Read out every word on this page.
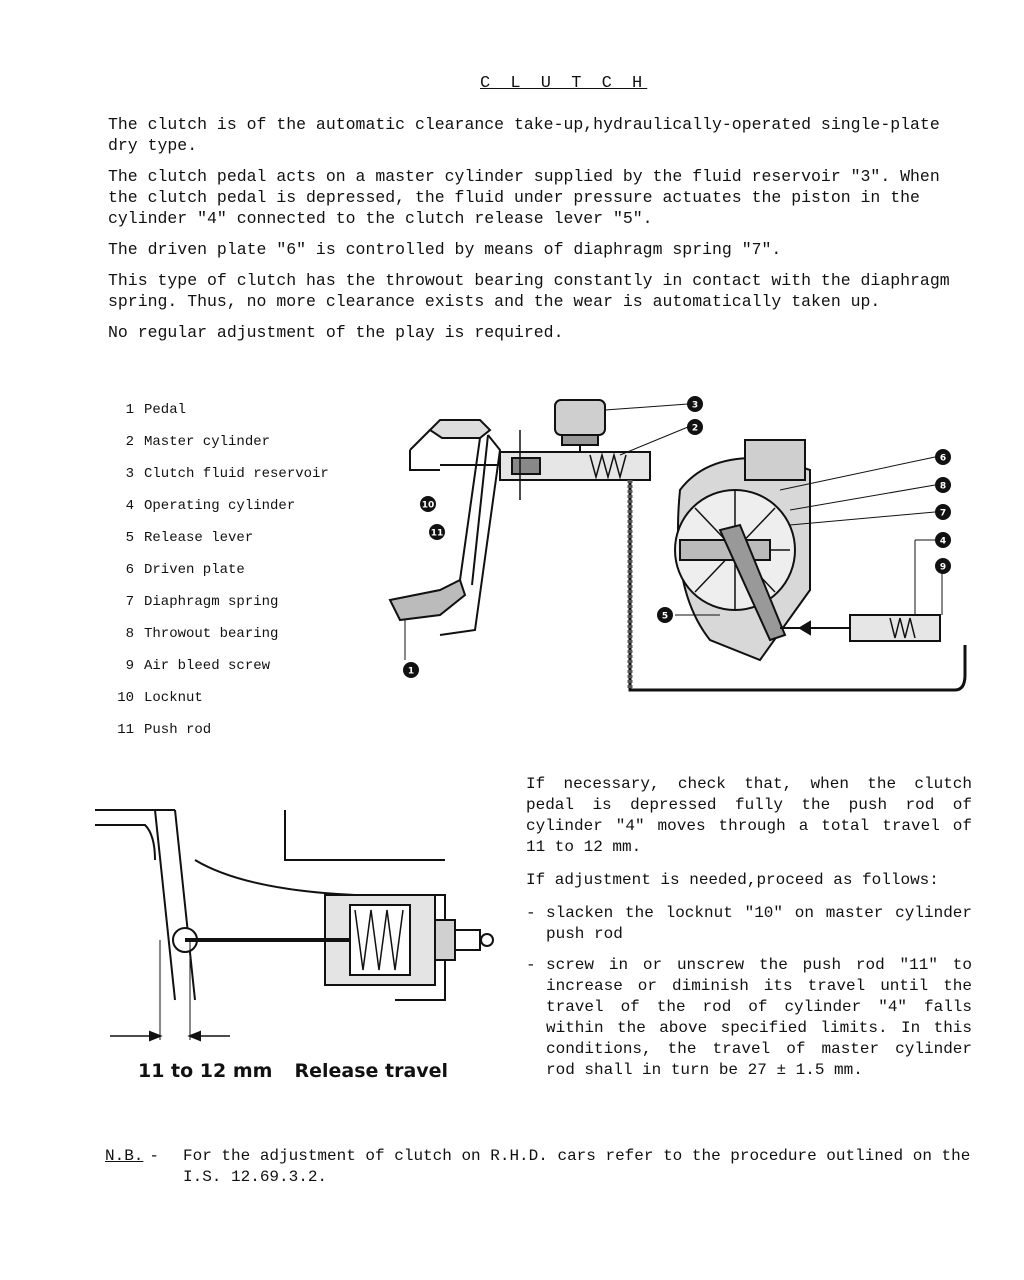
C L U T C H

The clutch is of the automatic clearance take-up,hydraulically-operated single-plate dry type.

The clutch pedal acts on a master cylinder supplied by the fluid reservoir "3". When the clutch pedal is depressed, the fluid under pressure actuates the piston in the cylinder "4" connected to the clutch release lever "5".

The driven plate "6" is controlled by means of diaphragm spring "7".

This type of clutch has the throwout bearing constantly in contact with the diaphragm spring. Thus, no more clearance exists and the wear is automatically taken up.

No regular adjustment of the play is required.

1 Pedal
2 Master cylinder
3 Clutch fluid reservoir
4 Operating cylinder
5 Release lever
6 Driven plate
7 Diaphragm spring
8 Throwout bearing
9 Air bleed screw
10 Locknut
11 Push rod
3
2
6
8
7
4
9
5
10
11
1
11 to 12 mm Release travel

If necessary, check that, when the clutch pedal is depressed fully the push rod of cylinder "4" moves through a total travel of 11 to 12 mm.

If adjustment is needed,proceed as follows:

- slacken the locknut "10" on master cylinder push rod
- screw in or unscrew the push rod "11" to increase or diminish its travel until the travel of the rod of cylinder "4" falls within the above specified limits. In this conditions, the travel of master cylinder rod shall in turn be 27 ± 1.5 mm.
N.B. -	For the adjustment of clutch on R.H.D. cars refer to the procedure outlined on the I.S. 12.69.3.2.
